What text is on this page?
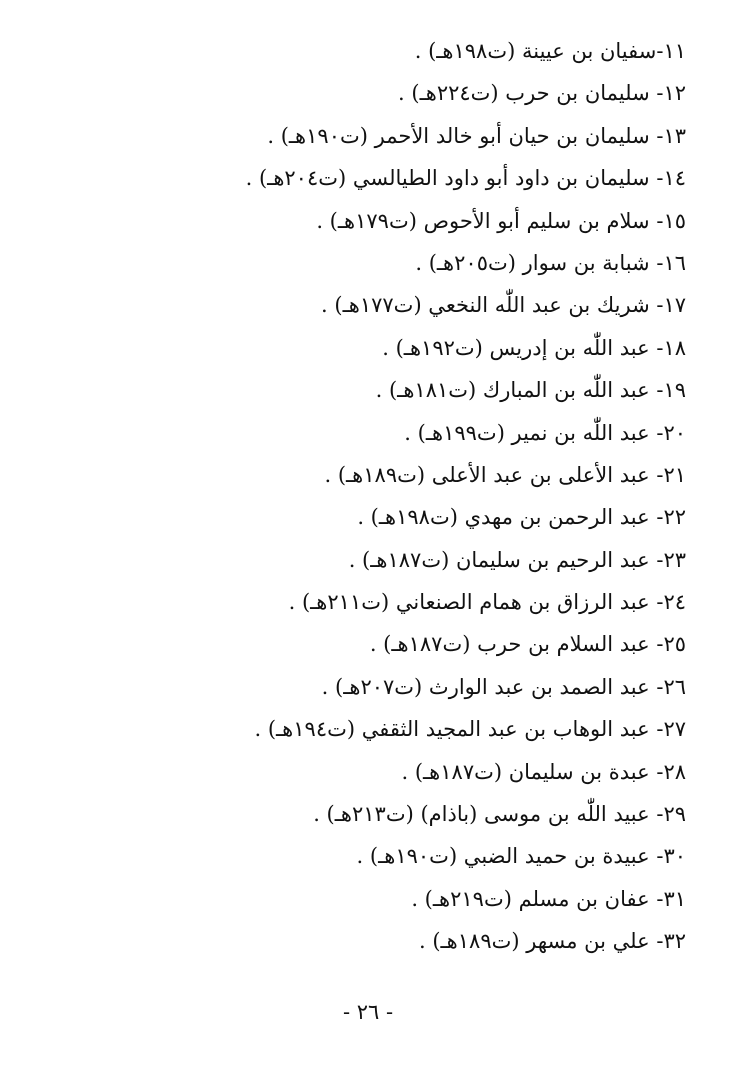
١١-سفيان بن عيينة (ت١٩٨هـ) .
١٢- سليمان بن حرب (ت٢٢٤هـ) .
١٣- سليمان بن حيان أبو خالد الأحمر (ت١٩٠هـ) .
١٤- سليمان بن داود أبو داود الطيالسي (ت٢٠٤هـ) .
١٥- سلام بن سليم أبو الأحوص (ت١٧٩هـ) .
١٦- شبابة بن سوار (ت٢٠٥هـ) .
١٧- شريك بن عبد اللّٰه النخعي (ت١٧٧هـ) .
١٨- عبد اللّٰه بن إدريس (ت١٩٢هـ) .
١٩- عبد اللّٰه بن المبارك (ت١٨١هـ) .
٢٠- عبد اللّٰه بن نمير (ت١٩٩هـ) .
٢١- عبد الأعلى بن عبد الأعلى (ت١٨٩هـ) .
٢٢- عبد الرحمن بن مهدي (ت١٩٨هـ) .
٢٣- عبد الرحيم بن سليمان (ت١٨٧هـ) .
٢٤- عبد الرزاق بن همام الصنعاني (ت٢١١هـ) .
٢٥- عبد السلام بن حرب (ت١٨٧هـ) .
٢٦- عبد الصمد بن عبد الوارث (ت٢٠٧هـ) .
٢٧- عبد الوهاب بن عبد المجيد الثقفي (ت١٩٤هـ) .
٢٨- عبدة بن سليمان (ت١٨٧هـ) .
٢٩- عبيد اللّٰه بن موسى (باذام) (ت٢١٣هـ) .
٣٠- عبيدة بن حميد الضبي (ت١٩٠هـ) .
٣١- عفان بن مسلم (ت٢١٩هـ) .
٣٢- علي بن مسهر (ت١٨٩هـ) .
- ٢٦ -
